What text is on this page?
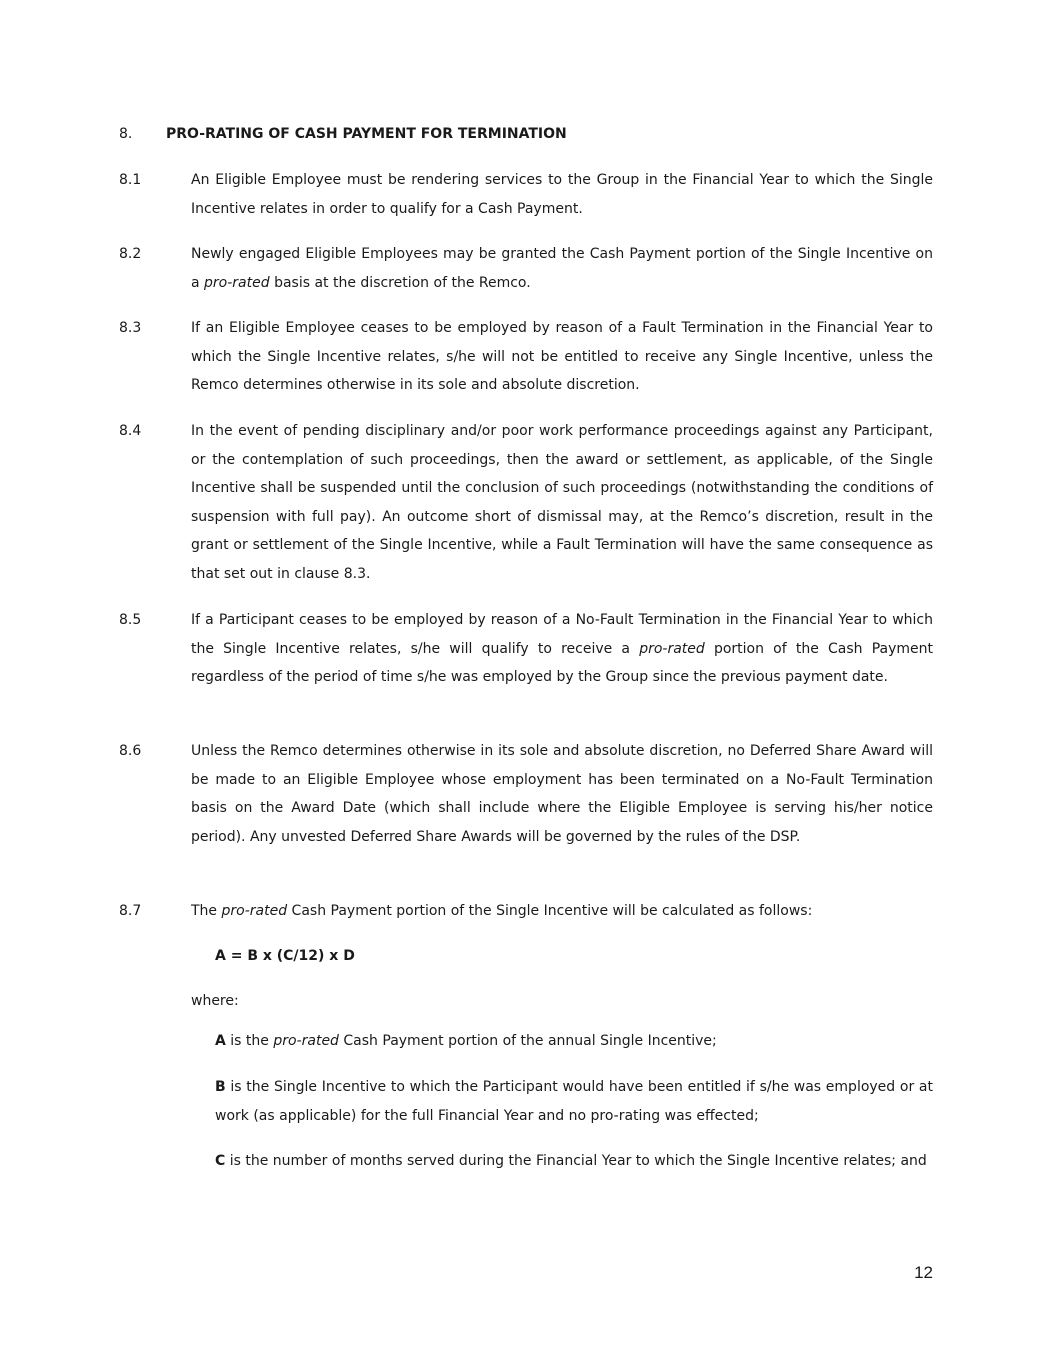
8. PRO-RATING OF CASH PAYMENT FOR TERMINATION
8.1	An Eligible Employee must be rendering services to the Group in the Financial Year to which the Single Incentive relates in order to qualify for a Cash Payment.
8.2	Newly engaged Eligible Employees may be granted the Cash Payment portion of the Single Incentive on a pro-rated basis at the discretion of the Remco.
8.3	If an Eligible Employee ceases to be employed by reason of a Fault Termination in the Financial Year to which the Single Incentive relates, s/he will not be entitled to receive any Single Incentive, unless the Remco determines otherwise in its sole and absolute discretion.
8.4	In the event of pending disciplinary and/or poor work performance proceedings against any Participant, or the contemplation of such proceedings, then the award or settlement, as applicable, of the Single Incentive shall be suspended until the conclusion of such proceedings (notwithstanding the conditions of suspension with full pay). An outcome short of dismissal may, at the Remco’s discretion, result in the grant or settlement of the Single Incentive, while a Fault Termination will have the same consequence as that set out in clause 8.3.
8.5	If a Participant ceases to be employed by reason of a No-Fault Termination in the Financial Year to which the Single Incentive relates, s/he will qualify to receive a pro-rated portion of the Cash Payment regardless of the period of time s/he was employed by the Group since the previous payment date.
8.6	Unless the Remco determines otherwise in its sole and absolute discretion, no Deferred Share Award will be made to an Eligible Employee whose employment has been terminated on a No-Fault Termination basis on the Award Date (which shall include where the Eligible Employee is serving his/her notice period). Any unvested Deferred Share Awards will be governed by the rules of the DSP.
8.7	The pro-rated Cash Payment portion of the Single Incentive will be calculated as follows:
A = B x (C/12) x D
where:
A is the pro-rated Cash Payment portion of the annual Single Incentive;
B is the Single Incentive to which the Participant would have been entitled if s/he was employed or at work (as applicable) for the full Financial Year and no pro-rating was effected;
C is the number of months served during the Financial Year to which the Single Incentive relates; and
12
